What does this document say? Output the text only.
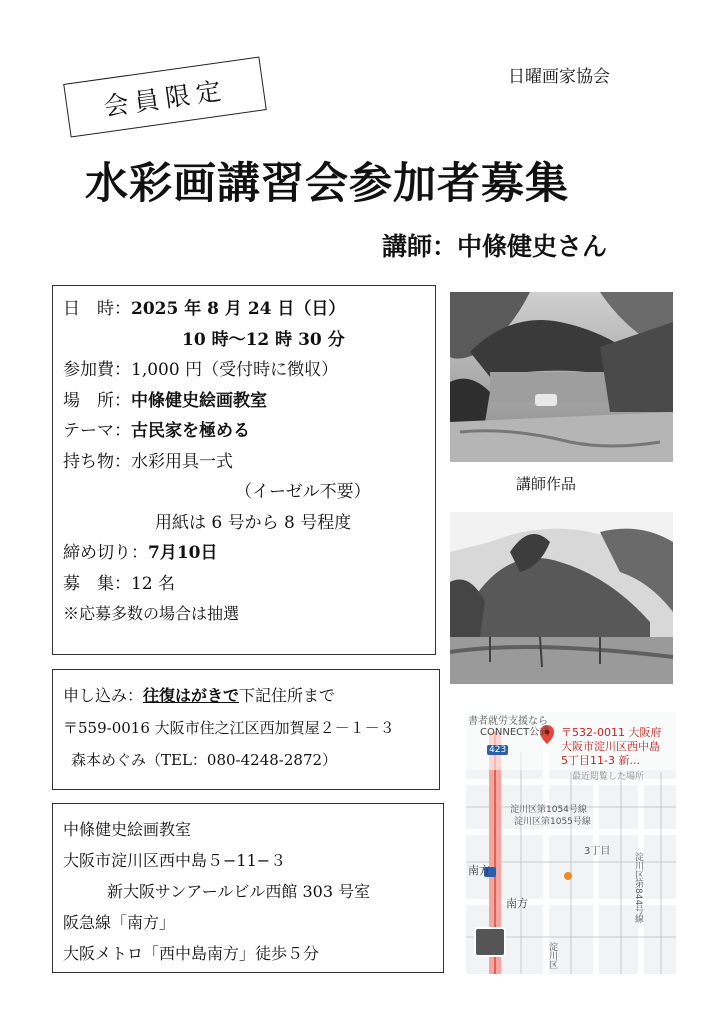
会員限定	日曜画家協会
水彩画講習会参加者募集
講師：中條健史さん
日　時：2025 年 8 月 24 日（日）
10 時～12 時 30 分
参加費：1,000 円（受付時に徴収）
場　所：中條健史絵画教室
テーマ：古民家を極める
持ち物：水彩用具一式
（イーゼル不要）
用紙は 6 号から 8 号程度
締め切り：7月10日
募　集：12 名
※応募多数の場合は抽選
申し込み：往復はがきで下記住所まで
〒559-0016 大阪市住之江区西加賀屋２－１－３
森本めぐみ（TEL：080-4248-2872）
中條健史絵画教室
大阪市淀川区西中島５−11−３
新大阪サンアールビル西館 303 号室
阪急線「南方」
大阪メトロ「西中島南方」徒歩５分
講師作品
書者就労支援なら
CONNECT公式
423
〒532-0011 大阪府
大阪市淀川区西中島
5丁目11-3 新...
最近閲覧した場所
淀川区第1054号線
淀川区第1055号線
3丁目
南方
南方	淀川区第844号線
淀川区
